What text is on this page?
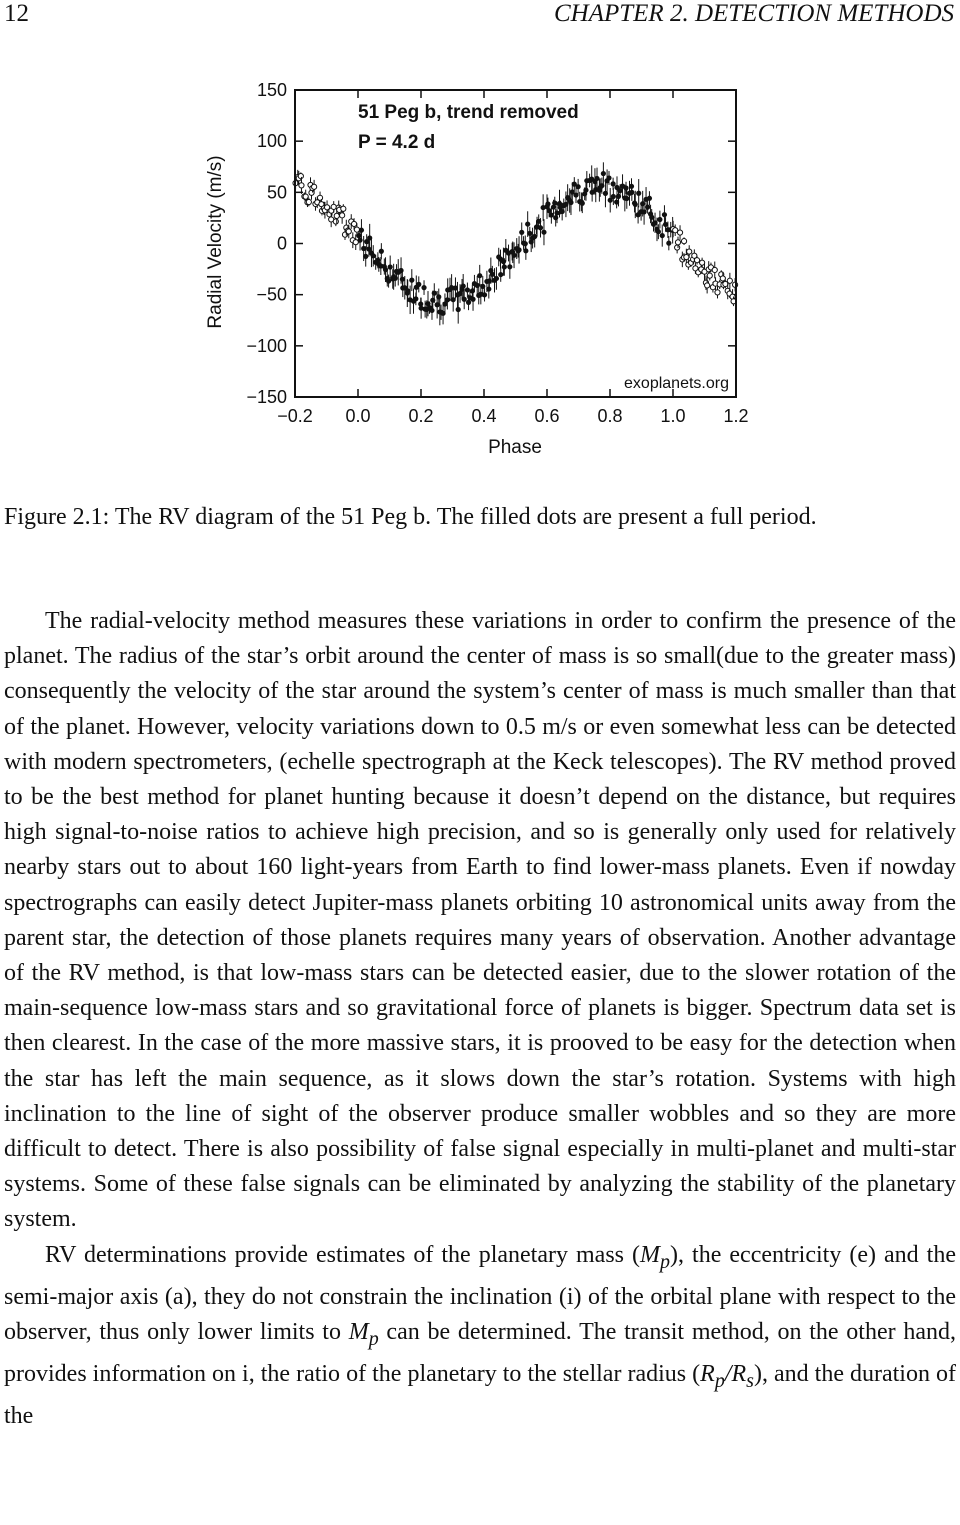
12	CHAPTER 2. DETECTION METHODS
Radial Velocity (m/s)
Phase
−0.2 0.0 0.2 0.4 0.6 0.8 1.0 1.2
150
100
50
0
−50
−100
−150
51 Peg b, trend removed
P = 4.2 d
exoplanets.org
Figure 2.1: The RV diagram of the 51 Peg b. The filled dots are present a full period.

The radial-velocity method measures these variations in order to confirm the presence of the planet. The radius of the star’s orbit around the center of mass is so small(due to the greater mass) consequently the velocity of the star around the system’s center of mass is much smaller than that of the planet. However, velocity variations down to 0.5 m/s or even somewhat less can be detected with modern spectrometers, (echelle spectrograph at the Keck telescopes). The RV method proved to be the best method for planet hunting because it doesn’t depend on the distance, but requires high signal-to-noise ratios to achieve high precision, and so is generally only used for relatively nearby stars out to about 160 light-years from Earth to find lower-mass planets. Even if nowday spectrographs can easily detect Jupiter-mass planets orbiting 10 astronomical units away from the parent star, the detection of those planets requires many years of observation. Another advantage of the RV method, is that low-mass stars can be detected easier, due to the slower rotation of the main-sequence low-mass stars and so gravitational force of planets is bigger. Spectrum data set is then clearest. In the case of the more massive stars, it is prooved to be easy for the detection when the star has left the main sequence, as it slows down the star’s rotation. Systems with high inclination to the line of sight of the observer produce smaller wobbles and so they are more difficult to detect. There is also possibility of false signal especially in multi-planet and multi-star systems. Some of these false signals can be eliminated by analyzing the stability of the planetary system.

RV determinations provide estimates of the planetary mass $(M_p)$, the eccentricity (e) and the semi-major axis (a), they do not constrain the inclination (i) of the orbital plane with respect to the observer, thus only lower limits to $M_p$ can be determined. The transit method, on the other hand, provides information on i, the ratio of the planetary to the stellar radius $(R_p/R_s)$, and the duration of the
